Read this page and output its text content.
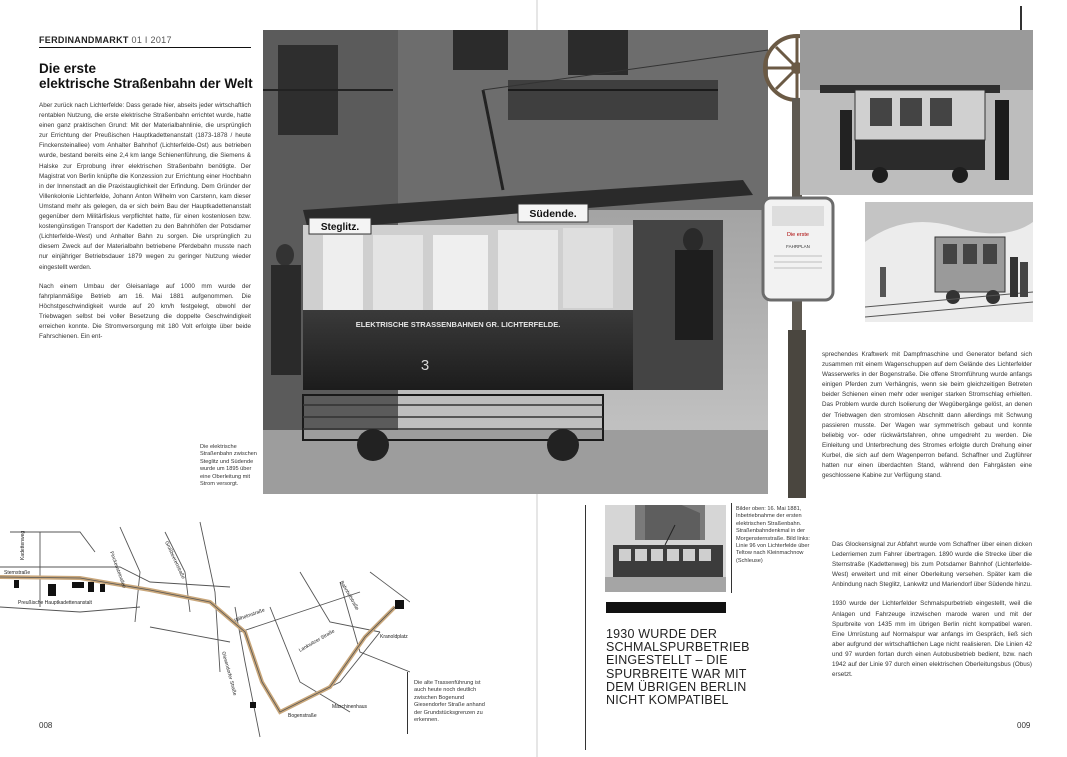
FERDINANDMARKT 01 I 2017
Die erste
elektrische Straßenbahn der Welt

Aber zurück nach Lichterfelde: Dass gerade hier, abseits jeder wirtschaftlich rentablen Nutzung, die erste elektrische Straßenbahn errichtet wurde, hatte einen ganz praktischen Grund: Mit der Materialbahnlinie, die ursprünglich zur Errichtung der Preußischen Hauptkadettenanstalt (1873-1878 / heute Finckensteinallee) vom Anhalter Bahnhof (Lichterfelde-Ost) aus betrieben wurde, bestand bereits eine 2,4 km lange Schienenführung, die Siemens & Halske zur Erprobung ihrer elektrischen Straßenbahn benötigte. Der Magistrat von Berlin knüpfte die Konzession zur Errichtung einer Hochbahn in der Innenstadt an die Praxistauglichkeit der Erfindung. Dem Gründer der Villenkolonie Lichterfelde, Johann Anton Wilhelm von Carstenn, kam dieser Umstand mehr als gelegen, da er sich beim Bau der Hauptkadettenanstalt gegenüber dem Militärfiskus verpflichtet hatte, für einen kostenlosen bzw. kostengünstigen Transport der Kadetten zu den Bahnhöfen der Potsdamer (Lichterfelde-West) und Anhalter Bahn zu sorgen. Die ursprünglich zu diesem Zweck auf der Materialbahn betriebene Pferdebahn musste nach nur einjähriger Betriebsdauer 1879 wegen zu geringer Nutzung wieder eingestellt werden.

Nach einem Umbau der Gleisanlage auf 1000 mm wurde der fahrplanmäßige Betrieb am 16. Mai 1881 aufgenommen. Die Höchstgeschwindigkeit wurde auf 20 km/h festgelegt, obwohl der Triebwagen selbst bei voller Besetzung die doppelte Geschwindigkeit erreichen konnte. Die Stromversorgung mit 180 Volt erfolgte über beide Fahrschienen. Ein ent-

Steglitz.
Südende.
ELEKTRISCHE STRASSENBAHNEN GR. LICHTERFELDE.
3
Die elektrische Straßenbahn zwischen Steglitz und Südende wurde um 1895 über eine Oberleitung mit Strom versorgt.
Die erste
FAHRPLAN
Sternstraße
Kadettenweg
Preußische Hauptkadettenanstalt
Finckensteinallee
Bogenstraße
Maschinenhaus
Kranoldplatz
Giesendorfer Straße
Wilhelmstraße
Bahnhofstraße
Lankwitzer Straße
Großbeerenstraße
Die alte Trassenführung ist auch heute noch deutlich zwischen Bogenund Giesendorfer Straße anhand der Grundstücksgrenzen zu erkennen.
008

sprechendes Kraftwerk mit Dampfmaschine und Generator befand sich zusammen mit einem Wagenschuppen auf dem Gelände des Lichterfelder Wasserwerks in der Bogenstraße. Die offene Stromführung wurde anfangs einigen Pferden zum Verhängnis, wenn sie beim gleichzeitigen Betreten beider Schienen einen mehr oder weniger starken Stromschlag erhielten. Das Problem wurde durch Isolierung der Wegübergänge gelöst, an denen der Triebwagen den stromlosen Abschnitt dann allerdings mit Schwung passieren musste. Der Wagen war symmetrisch gebaut und konnte beliebig vor- oder rückwärtsfahren, ohne umgedreht zu werden. Die Einleitung und Unterbrechung des Stromes erfolgte durch Drehung einer Kurbel, die sich auf dem Wagenperron befand. Schaffner und Zugführer hatten nur einen überdachten Stand, während den Fahrgästen eine geschlossene Kabine zur Verfügung stand.

Bilder oben: 16. Mai 1881, Inbetriebnahme der ersten elektrischen Straßenbahn. Straßenbahndenkmal in der Morgensternstraße. Bild links: Linie 96 von Lichterfelde über Teltow nach Kleinmachnow (Schleuse)
1930 WURDE DER SCHMALSPURBETRIEB EINGESTELLT – DIE SPURBREITE WAR MIT DEM ÜBRIGEN BERLIN NICHT KOMPATIBEL

Das Glockensignal zur Abfahrt wurde vom Schaffner über einen dicken Lederriemen zum Fahrer übertragen. 1890 wurde die Strecke über die Sternstraße (Kadettenweg) bis zum Potsdamer Bahnhof (Lichterfelde-West) erweitert und mit einer Oberleitung versehen. Später kam die Anbindung nach Steglitz, Lankwitz und Mariendorf über Südende hinzu.

1930 wurde der Lichterfelder Schmalspurbetrieb eingestellt, weil die Anlagen und Fahrzeuge inzwischen marode waren und mit der Spurbreite von 1435 mm im übrigen Berlin nicht kompatibel waren. Eine Umrüstung auf Normalspur war anfangs im Gespräch, ließ sich aber aufgrund der wirtschaftlichen Lage nicht realisieren. Die Linien 42 und 97 wurden fortan durch einen Autobusbetrieb bedient, bzw. nach 1942 auf der Linie 97 durch einen elektrischen Oberleitungsbus (Obus) ersetzt.

009
